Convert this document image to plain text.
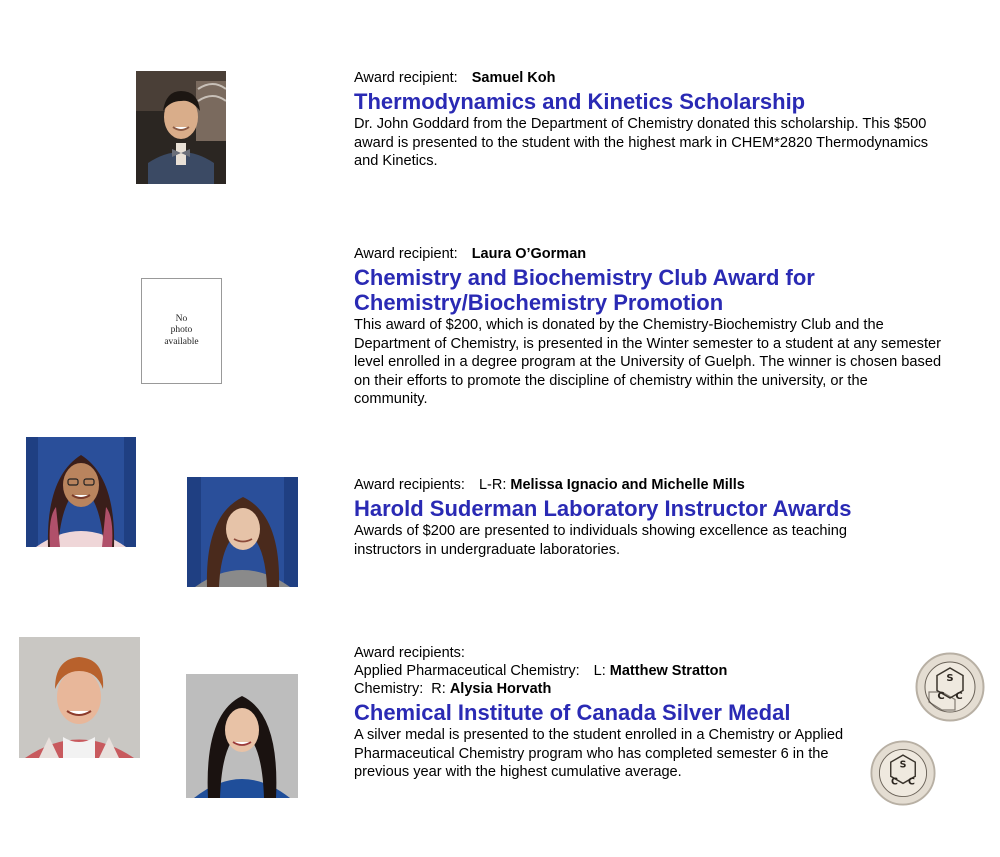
Award recipient: Samuel Koh
Thermodynamics and Kinetics Scholarship
Dr. John Goddard from the Department of Chemistry donated this scholarship. This $500 award is presented to the student with the highest mark in CHEM*2820 Thermodynamics and Kinetics.
No
photo
available
Award recipient: Laura O’Gorman
Chemistry and Biochemistry Club Award for Chemistry/Biochemistry Promotion
This award of $200, which is donated by the Chemistry-Biochemistry Club and the Department of Chemistry, is presented in the Winter semester to a student at any semester level enrolled in a degree program at the University of Guelph. The winner is chosen based on their efforts to promote the discipline of chemistry within the university, or the community.
Award recipients: L-R: Melissa Ignacio and Michelle Mills
Harold Suderman Laboratory Instructor Awards
Awards of $200 are presented to individuals showing excellence as teaching instructors in undergraduate laboratories.
Award recipients:
Applied Pharmaceutical Chemistry: L: Matthew Stratton
Chemistry: R: Alysia Horvath
Chemical Institute of Canada Silver Medal
A silver medal is presented to the student enrolled in a Chemistry or Applied Pharmaceutical Chemistry program who has completed semester 6 in the previous year with the highest cumulative average.
S
C C
S
C C
